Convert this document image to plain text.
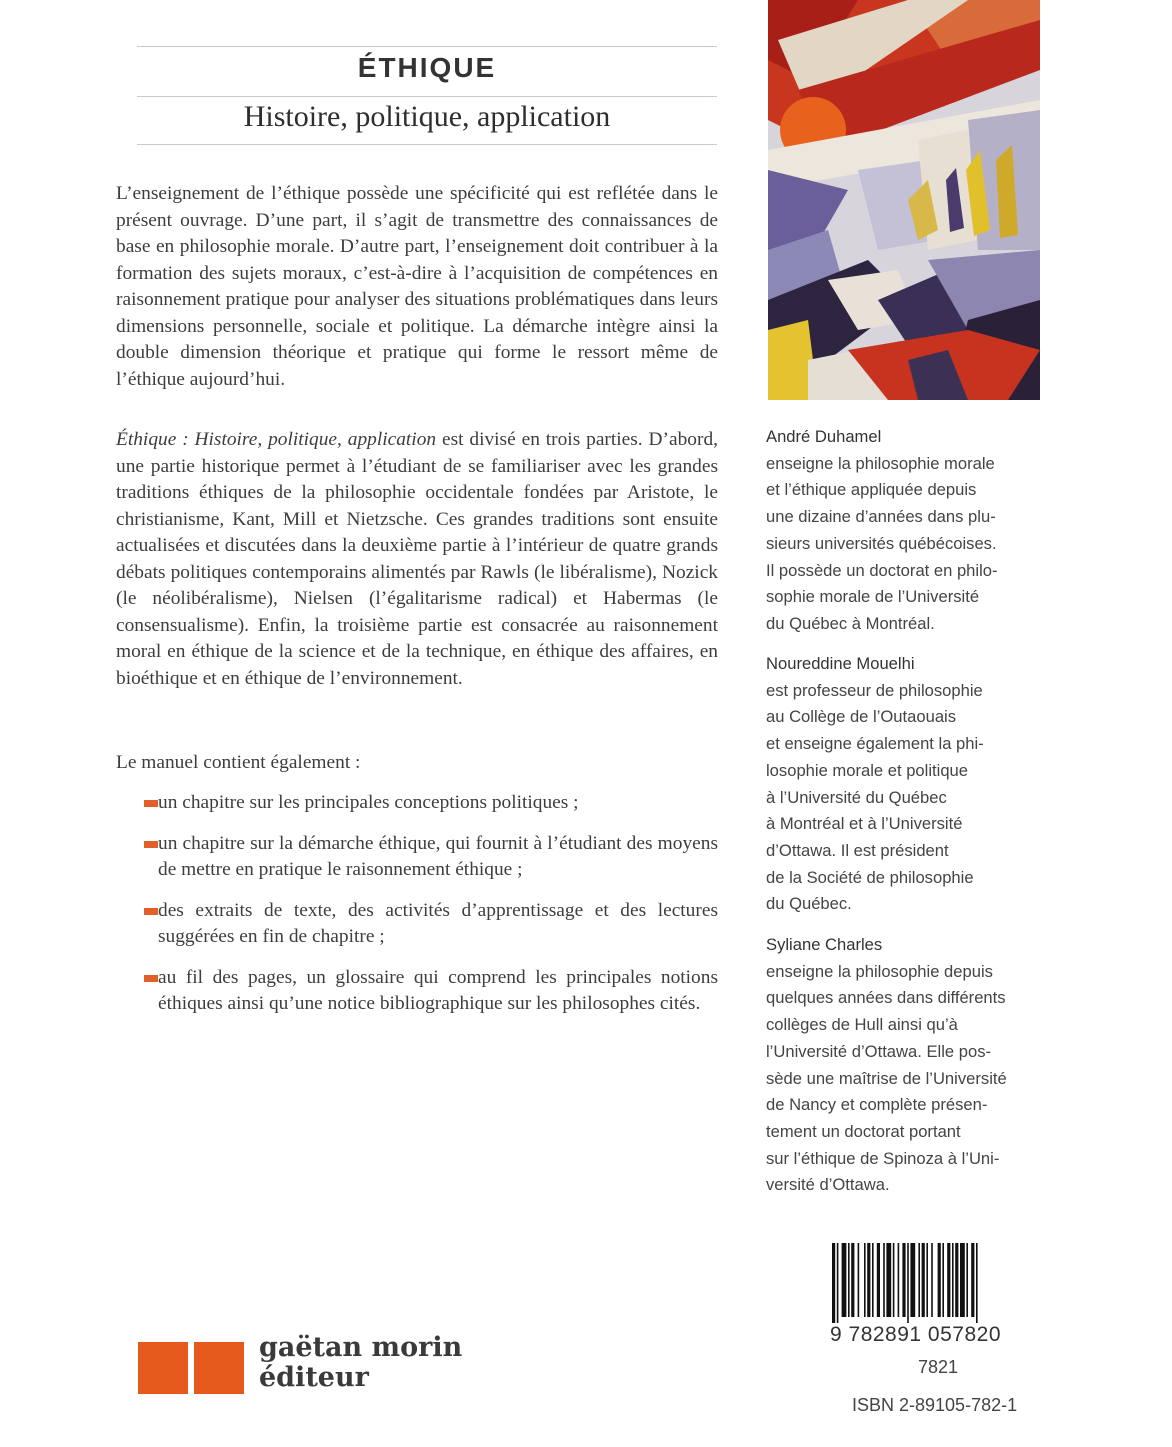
ÉTHIQUE
Histoire, politique, application

L’enseignement de l’éthique possède une spécificité qui est reflétée dans le présent ouvrage. D’une part, il s’agit de transmettre des connaissances de base en philosophie morale. D’autre part, l’enseignement doit contribuer à la formation des sujets moraux, c’est-à-dire à l’acquisition de compétences en raisonnement pratique pour analyser des situations problématiques dans leurs dimensions personnelle, sociale et politique. La démarche intègre ainsi la double dimension théorique et pratique qui forme le ressort même de l’éthique aujourd’hui.

Éthique : Histoire, politique, application est divisé en trois parties. D’abord, une partie historique permet à l’étudiant de se familiariser avec les grandes traditions éthiques de la philosophie occidentale fondées par Aristote, le christianisme, Kant, Mill et Nietzsche. Ces grandes traditions sont ensuite actualisées et discutées dans la deuxième partie à l’intérieur de quatre grands débats politiques contemporains alimentés par Rawls (le libéralisme), Nozick (le néolibéralisme), Nielsen (l’égalitarisme radical) et Habermas (le consensualisme). Enfin, la troisième partie est consacrée au raisonnement moral en éthique de la science et de la technique, en éthique des affaires, en bioéthique et en éthique de l’environnement.

Le manuel contient également :

un chapitre sur les principales conceptions politiques ;
un chapitre sur la démarche éthique, qui fournit à l’étudiant des moyens de mettre en pratique le raisonnement éthique ;
des extraits de texte, des activités d’apprentissage et des lectures suggérées en fin de chapitre ;
au fil des pages, un glossaire qui comprend les principales notions éthiques ainsi qu’une notice bibliographique sur les philosophes cités.
André Duhamel
enseigne la philosophie morale
et l’éthique appliquée depuis
une dizaine d’années dans plu-
sieurs universités québécoises.
Il possède un doctorat en philo-
sophie morale de l’Université
du Québec à Montréal.
Noureddine Mouelhi
est professeur de philosophie
au Collège de l’Outaouais
et enseigne également la phi-
losophie morale et politique
à l’Université du Québec
à Montréal et à l’Université
d’Ottawa. Il est président
de la Société de philosophie
du Québec.
Syliane Charles
enseigne la philosophie depuis
quelques années dans différents
collèges de Hull ainsi qu’à
l’Université d’Ottawa. Elle pos-
sède une maîtrise de l’Université
de Nancy et complète présen-
tement un doctorat portant
sur l’éthique de Spinoza à l’Uni-
versité d’Ottawa.
9 782891 057820
7821
ISBN 2-89105-782-1
gaëtan morin
éditeur
